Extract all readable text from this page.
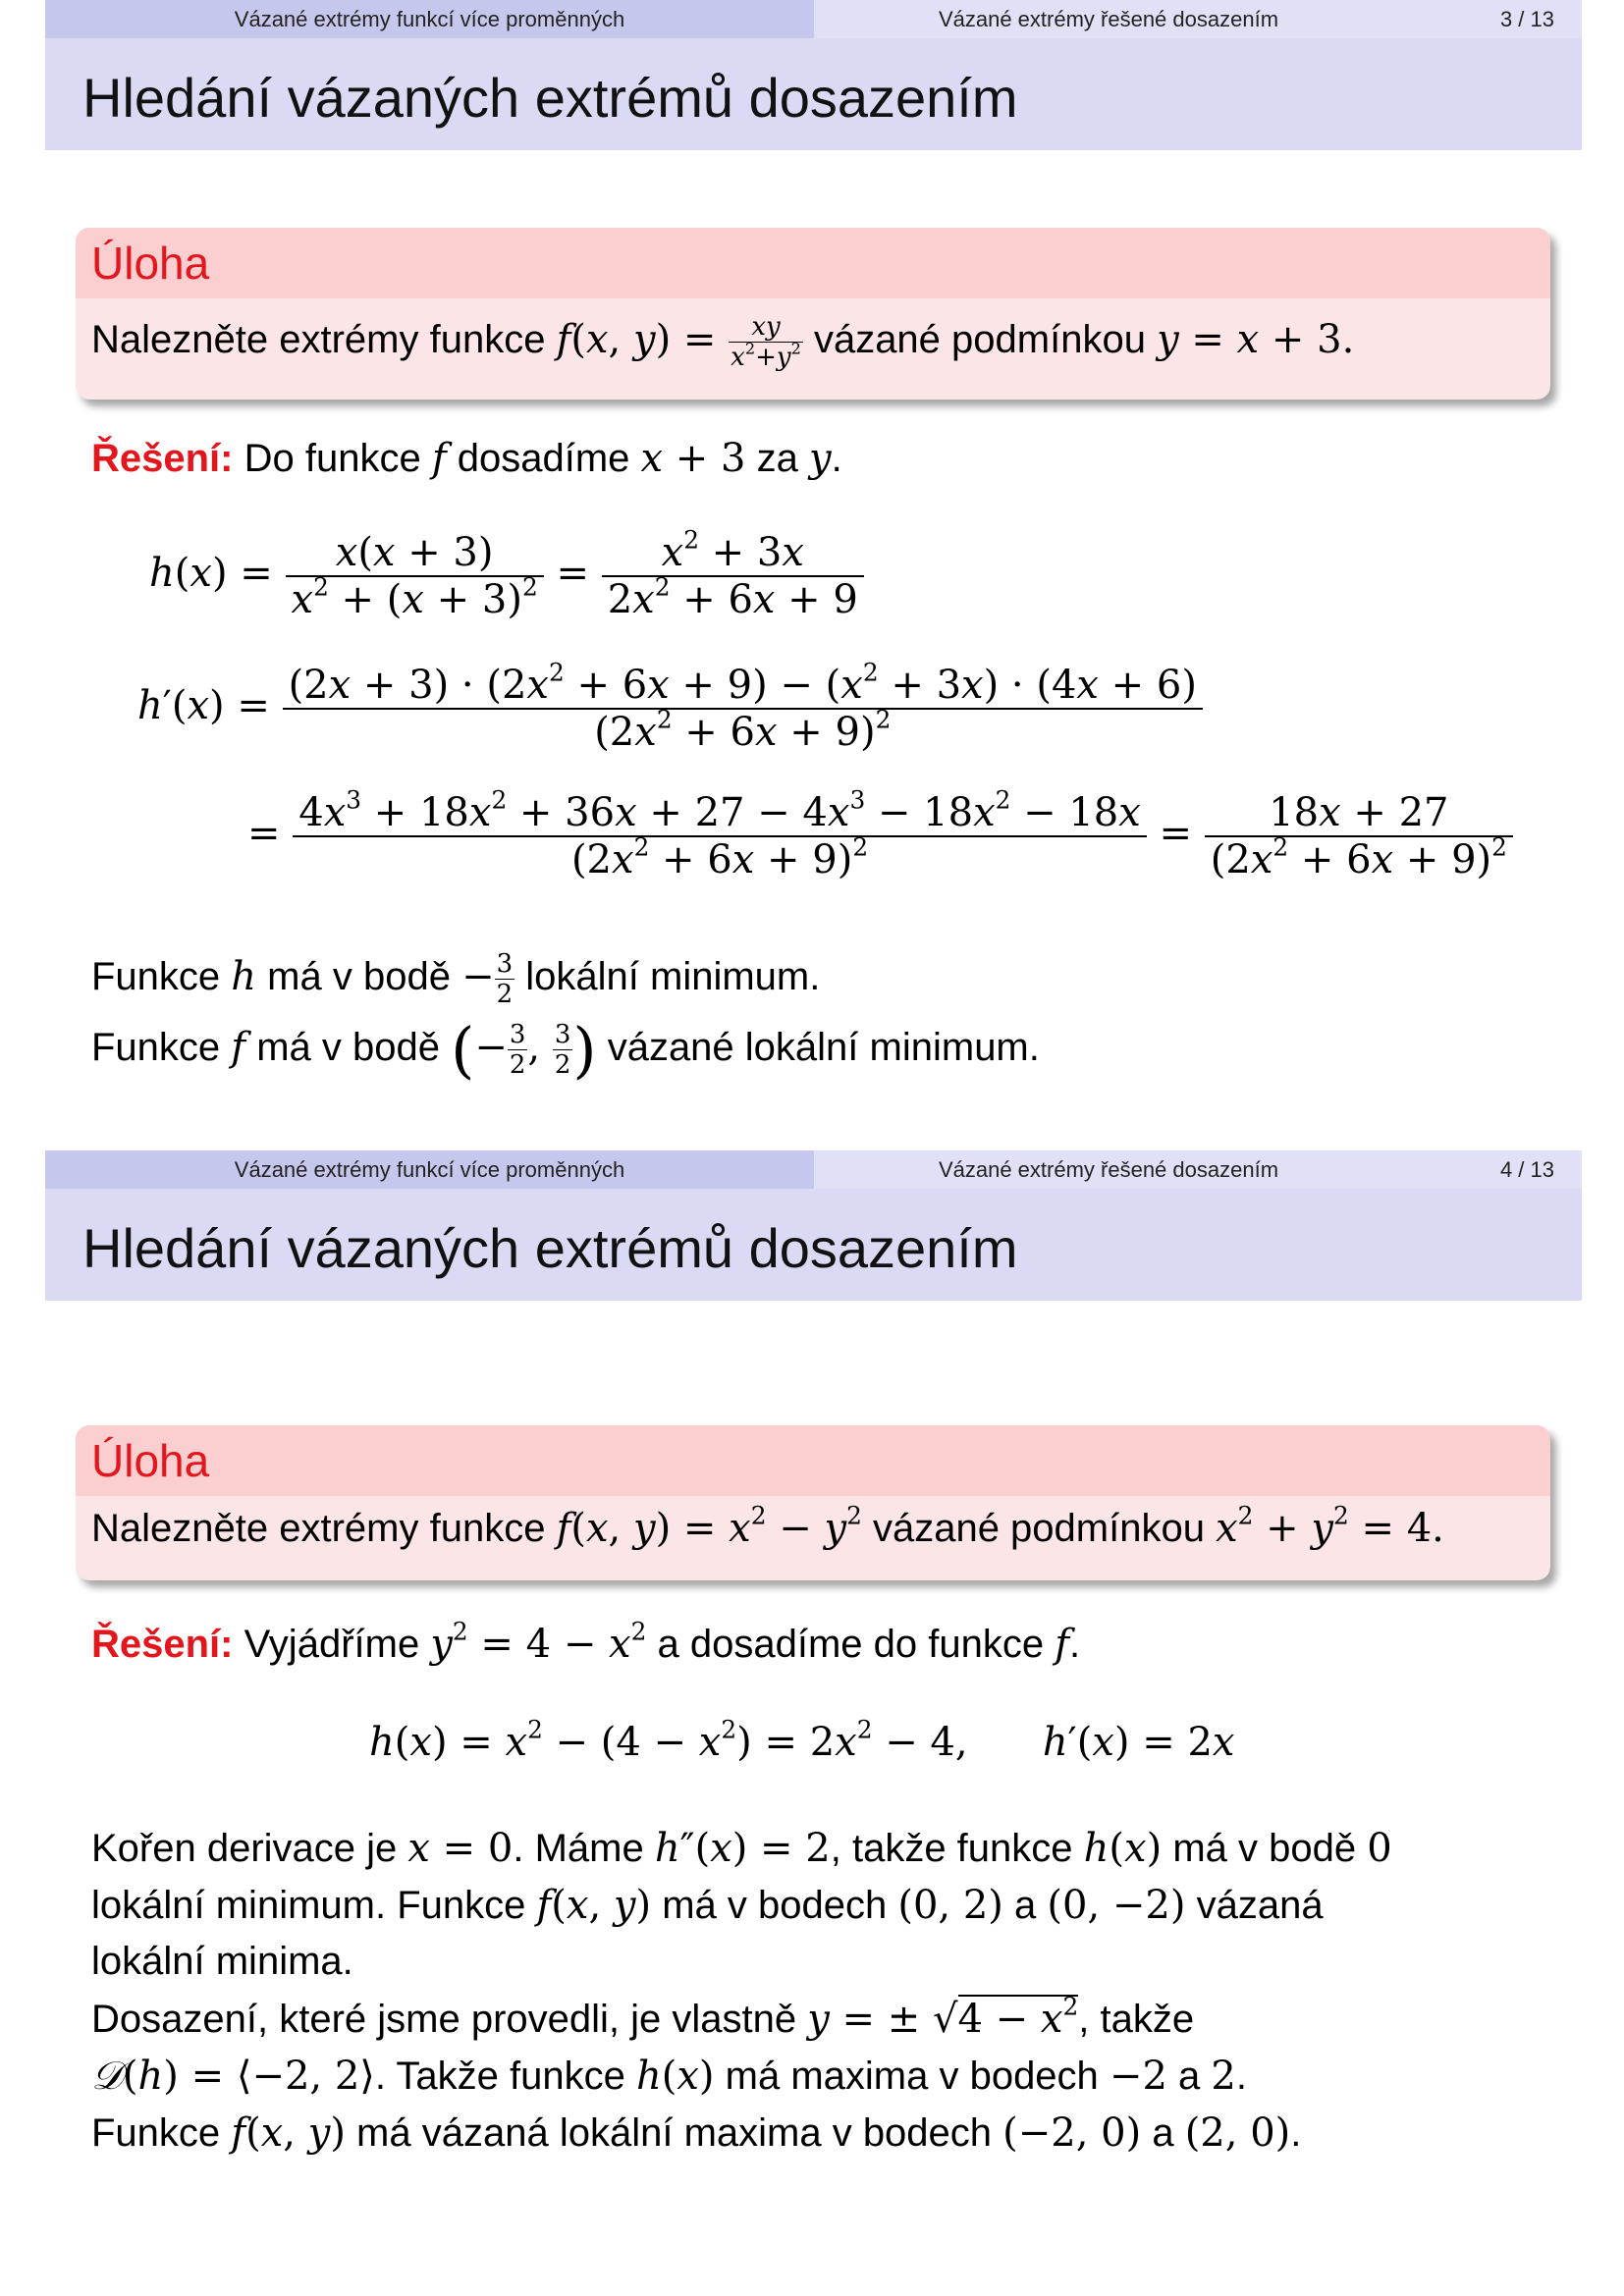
Vázané extrémy funkcí více proměnných	Vázané extrémy řešené dosazením	3 / 13
Hledání vázaných extrémů dosazením
Úloha
Nalezněte extrémy funkce f(x, $y) = \frac{xy}{x^2+y^2}$ vázané podmínkou y = x + 3.
Řešení: Do funkce f dosadíme x + 3 za y.
$h(x) = \frac{x(x + 3)}{x^2 + (x + 3)^2} = \frac{x^2 + 3x}{2x^2 + 6x + 9}$
$h'(x) = \frac{(2x + 3) \cdot (2x^2 + 6x + 9) - (x^2 + 3x) \cdot (4x + 6)}{(2x^2 + 6x + 9)^2}$
= $\frac{4x^3 + 18x^2 + 36x + 27 - 4x^3 - 18x^2 - 18x}{(2x^2 + 6x + 9)^2} = \frac{18x + 27}{(2x^2 + 6x + 9)^2}$
Funkce h má v bodě − $\frac{3}{2}$ lokální minimum.
Funkce f má v bodě (− $\frac{3}{2}$ , $\frac{3}{2}$ ) vázané lokální minimum.
Vázané extrémy funkcí více proměnných	Vázané extrémy řešené dosazením	4 / 13
Hledání vázaných extrémů dosazením
Úloha
Nalezněte extrémy funkce f(x, $y) = x^2 - y^2$ vázané podmínkou $x^2 + y^2 = 4$.
Řešení: Vyjádříme $y^2 = 4 - x^2$ a dosadíme do funkce f.
$h(x) = x^2 - (4 - x^2) = 2x^2 - 4$,      h′(x) = 2x
Kořen derivace je x = 0. Máme h″(x) = 2, takže funkce h(x) má v bodě 0
lokální minimum. Funkce f(x, y) má v bodech (0, 2) a (0, −2) vázaná
lokální minima.
Dosazení, které jsme provedli, je vlastně y = ± $√4 - x^2$, takže
𝒟(h) = ⟨−2, 2⟩. Takže funkce h(x) má maxima v bodech −2 a 2.
Funkce f(x, y) má vázaná lokální maxima v bodech (−2, 0) a (2, 0).
